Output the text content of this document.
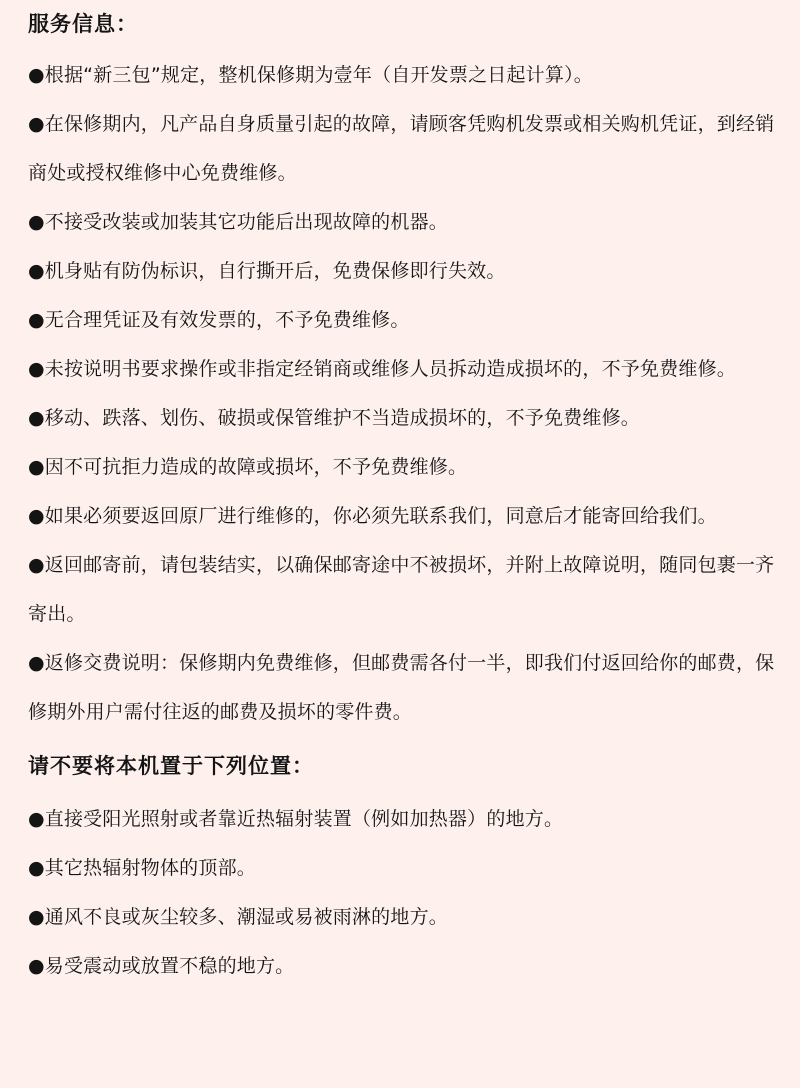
服务信息：
●根据“新三包”规定，整机保修期为壹年（自开发票之日起计算）。
●在保修期内，凡产品自身质量引起的故障，请顾客凭购机发票或相关购机凭证，到经销商处或授权维修中心免费维修。
●不接受改装或加装其它功能后出现故障的机器。
●机身贴有防伪标识，自行撕开后，免费保修即行失效。
●无合理凭证及有效发票的，不予免费维修。
●未按说明书要求操作或非指定经销商或维修人员拆动造成损坏的，不予免费维修。
●移动、跌落、划伤、破损或保管维护不当造成损坏的，不予免费维修。
●因不可抗拒力造成的故障或损坏，不予免费维修。
●如果必须要返回原厂进行维修的，你必须先联系我们，同意后才能寄回给我们。
●返回邮寄前，请包装结实，以确保邮寄途中不被损坏，并附上故障说明，随同包裹一齐寄出。
●返修交费说明：保修期内免费维修，但邮费需各付一半，即我们付返回给你的邮费，保修期外用户需付往返的邮费及损坏的零件费。
请不要将本机置于下列位置：
●直接受阳光照射或者靠近热辐射装置（例如加热器）的地方。
●其它热辐射物体的顶部。
●通风不良或灰尘较多、潮湿或易被雨淋的地方。
●易受震动或放置不稳的地方。
